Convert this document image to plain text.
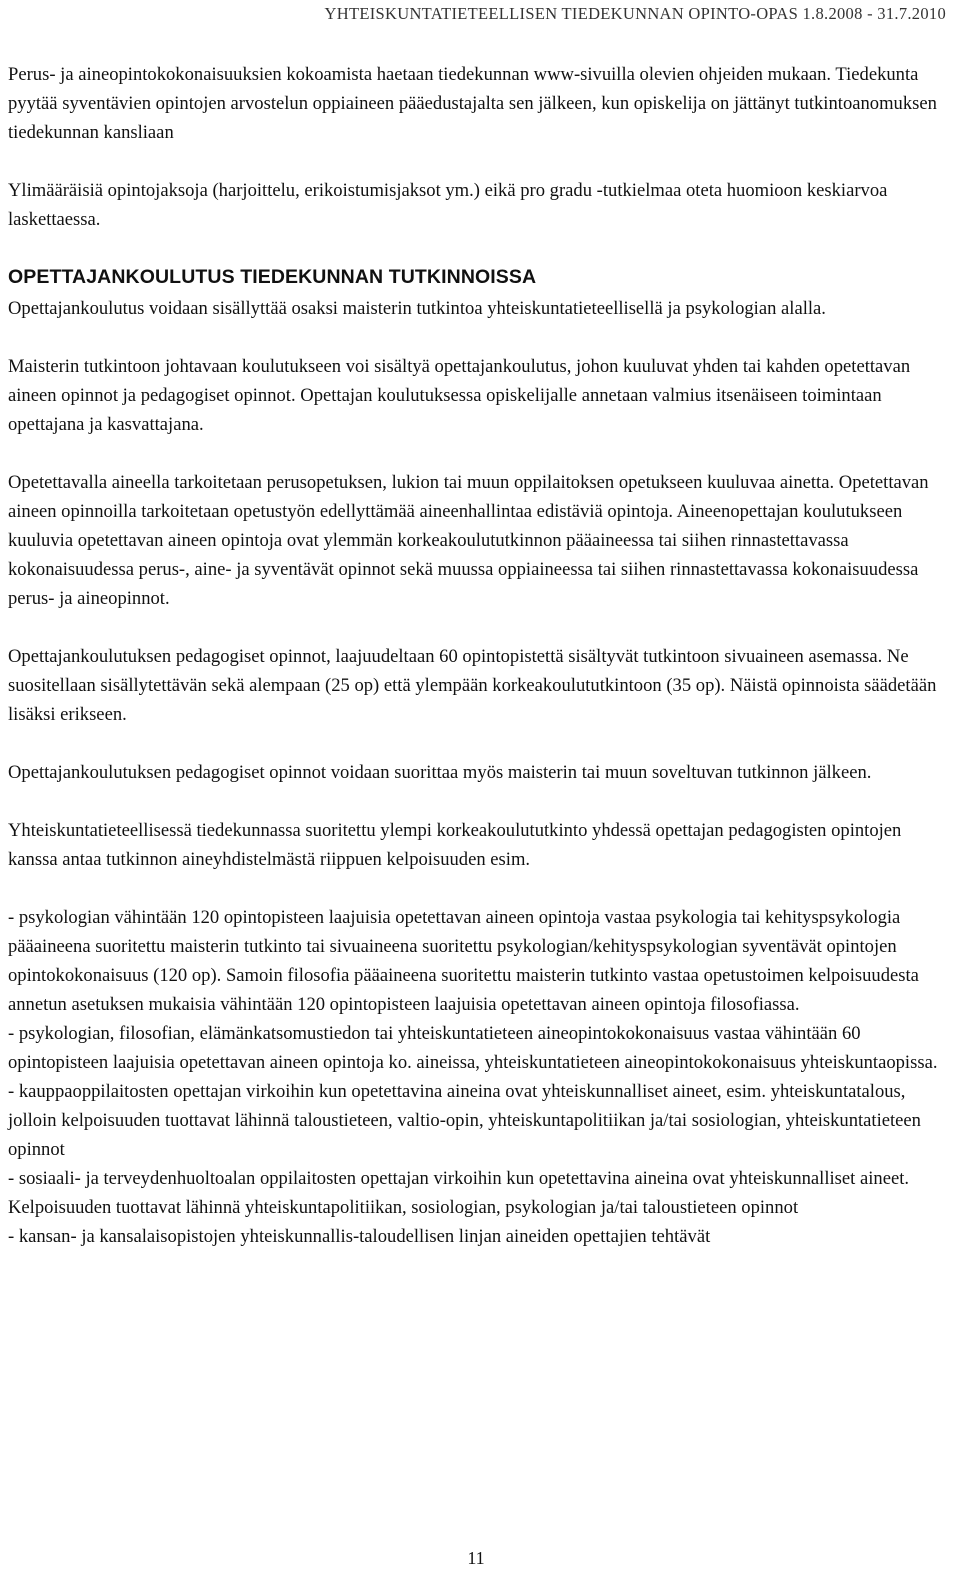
YHTEISKUNTATIETEELLISEN TIEDEKUNNAN OPINTO-OPAS 1.8.2008 - 31.7.2010

Perus- ja aineopintokokonaisuuksien kokoamista haetaan tiedekunnan www-sivuilla olevien ohjeiden mukaan. Tiedekunta pyytää syventävien opintojen arvostelun oppiaineen pääedustajalta sen jälkeen, kun opiskelija on jättänyt tutkintoanomuksen tiedekunnan kansliaan

Ylimääräisiä opintojaksoja (harjoittelu, erikoistumisjaksot ym.) eikä pro gradu -tutkielmaa oteta huomioon keskiarvoa laskettaessa.

OPETTAJANKOULUTUS TIEDEKUNNAN TUTKINNOISSA

Opettajankoulutus voidaan sisällyttää osaksi maisterin tutkintoa yhteiskuntatieteellisellä ja psykologian alalla.

Maisterin tutkintoon johtavaan koulutukseen voi sisältyä opettajankoulutus, johon kuuluvat yhden tai kahden opetettavan aineen opinnot ja pedagogiset opinnot. Opettajan koulutuksessa opiskelijalle annetaan valmius itsenäiseen toimintaan opettajana ja kasvattajana.

Opetettavalla aineella tarkoitetaan perusopetuksen, lukion tai muun oppilaitoksen opetukseen kuuluvaa ainetta. Opetettavan aineen opinnoilla tarkoitetaan opetustyön edellyttämää aineenhallintaa edistäviä opintoja. Aineenopettajan koulutukseen kuuluvia opetettavan aineen opintoja ovat ylemmän korkeakoulututkinnon pääaineessa tai siihen rinnastettavassa kokonaisuudessa perus-, aine- ja syventävät opinnot sekä muussa oppiaineessa tai siihen rinnastettavassa kokonaisuudessa perus- ja aineopinnot.

Opettajankoulutuksen pedagogiset opinnot, laajuudeltaan 60 opintopistettä sisältyvät tutkintoon sivuaineen asemassa. Ne suositellaan sisällytettävän sekä alempaan (25 op) että ylempään korkeakoulututkintoon (35 op). Näistä opinnoista säädetään lisäksi erikseen.

Opettajankoulutuksen pedagogiset opinnot voidaan suorittaa myös maisterin tai muun soveltuvan tutkinnon jälkeen.

Yhteiskuntatieteellisessä tiedekunnassa suoritettu ylempi korkeakoulututkinto yhdessä opettajan pedagogisten opintojen kanssa antaa tutkinnon aineyhdistelmästä riippuen kelpoisuuden esim.

- psykologian vähintään 120 opintopisteen laajuisia opetettavan aineen opintoja vastaa psykologia tai kehityspsykologia pääaineena suoritettu maisterin tutkinto tai sivuaineena suoritettu psykologian/kehityspsykologian syventävät opintojen opintokokonaisuus (120 op). Samoin filosofia pääaineena suoritettu maisterin tutkinto vastaa opetustoimen kelpoisuudesta annetun asetuksen mukaisia vähintään 120 opintopisteen laajuisia opetettavan aineen opintoja filosofiassa.

- psykologian, filosofian, elämänkatsomustiedon tai yhteiskuntatieteen aineopintokokonaisuus vastaa vähintään 60 opintopisteen laajuisia opetettavan aineen opintoja ko. aineissa, yhteiskuntatieteen aineopintokokonaisuus yhteiskuntaopissa.

- kauppaoppilaitosten opettajan virkoihin kun opetettavina aineina ovat yhteiskunnalliset aineet, esim. yhteiskuntatalous, jolloin kelpoisuuden tuottavat lähinnä taloustieteen, valtio-opin, yhteiskuntapolitiikan ja/tai sosiologian, yhteiskuntatieteen opinnot

- sosiaali- ja terveydenhuoltoalan oppilaitosten opettajan virkoihin kun opetettavina aineina ovat yhteiskunnalliset aineet. Kelpoisuuden tuottavat lähinnä yhteiskuntapolitiikan, sosiologian, psykologian ja/tai taloustieteen opinnot

- kansan- ja kansalaisopistojen yhteiskunnallis-taloudellisen linjan aineiden opettajien tehtävät

11
